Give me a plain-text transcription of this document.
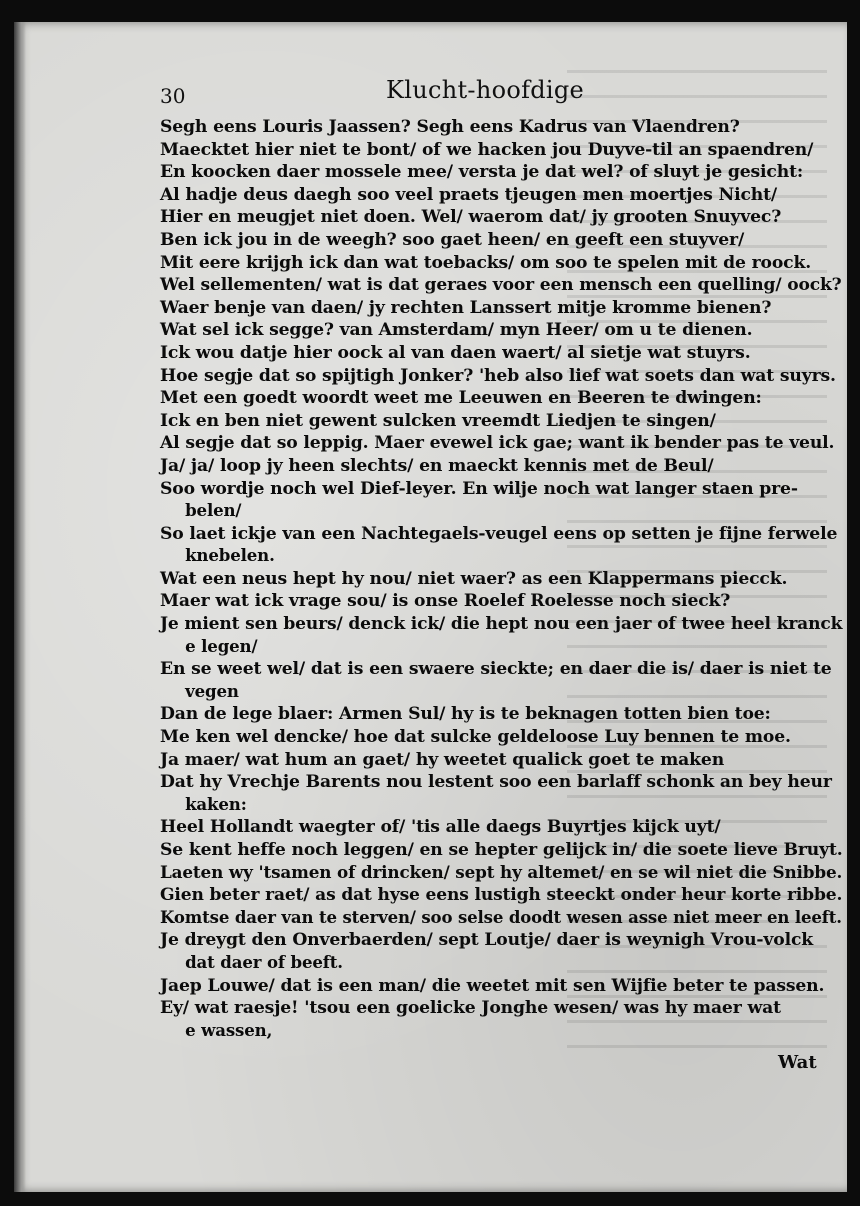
30	Klucht-hoofdige
Segh eens Louris Jaassen? Segh eens Kadrus van Vlaendren?
Maecktet hier niet te bont/ of we hacken jou Duyve-til an spaendren/
En koocken daer mossele mee/ versta je dat wel? of sluyt je gesicht:
Al hadje deus daegh soo veel praets tjeugen men moertjes Nicht/
Hier en meugjet niet doen. Wel/ waerom dat/ jy grooten Snuyvec?
Ben ick jou in de weegh? soo gaet heen/ en geeft een stuyver/
Mit eere krijgh ick dan wat toebacks/ om soo te spelen mit de roock.
Wel sellementen/ wat is dat geraes voor een mensch een quelling/ oock?
Waer benje van daen/ jy rechten Lanssert mitje kromme bienen?
Wat sel ick segge? van Amsterdam/ myn Heer/ om u te dienen.
Ick wou datje hier oock al van daen waert/ al sietje wat stuyrs.
Hoe segje dat so spijtigh Jonker? 'heb also lief wat soets dan wat suyrs.
Met een goedt woordt weet me Leeuwen en Beeren te dwingen:
Ick en ben niet gewent sulcken vreemdt Liedjen te singen/
Al segje dat so leppig. Maer evewel ick gae; want ik bender pas te veul.
Ja/ ja/ loop jy heen slechts/ en maeckt kennis met de Beul/
Soo wordje noch wel Dief-leyer. En wilje noch wat langer staen pre-
belen/
So laet ickje van een Nachtegaels-veugel eens op setten je fijne ferwele
knebelen.
Wat een neus hept hy nou/ niet waer? as een Klappermans piecck.
Maer wat ick vrage sou/ is onse Roelef Roelesse noch sieck?
Je mient sen beurs/ denck ick/ die hept nou een jaer of twee heel kranck
e legen/
En se weet wel/ dat is een swaere sieckte; en daer die is/ daer is niet te
vegen
Dan de lege blaer: Armen Sul/ hy is te beknagen totten bien toe:
Me ken wel dencke/ hoe dat sulcke geldeloose Luy bennen te moe.
Ja maer/ wat hum an gaet/ hy weetet qualick goet te maken
Dat hy Vrechje Barents nou lestent soo een barlaff schonk an bey heur
kaken:
Heel Hollandt waegter of/ 'tis alle daegs Buyrtjes kijck uyt/
Se kent heffe noch leggen/ en se hepter gelijck in/ die soete lieve Bruyt.
Laeten wy 'tsamen of drincken/ sept hy altemet/ en se wil niet die Snibbe.
Gien beter raet/ as dat hyse eens lustigh steeckt onder heur korte ribbe.
Komtse daer van te sterven/ soo selse doodt wesen asse niet meer en leeft.
Je dreygt den Onverbaerden/ sept Loutje/ daer is weynigh Vrou-volck
dat daer of beeft.
Jaep Louwe/ dat is een man/ die weetet mit sen Wijfie beter te passen.
Ey/ wat raesje! 'tsou een goelicke Jonghe wesen/ was hy maer wat
e wassen,
Wat
